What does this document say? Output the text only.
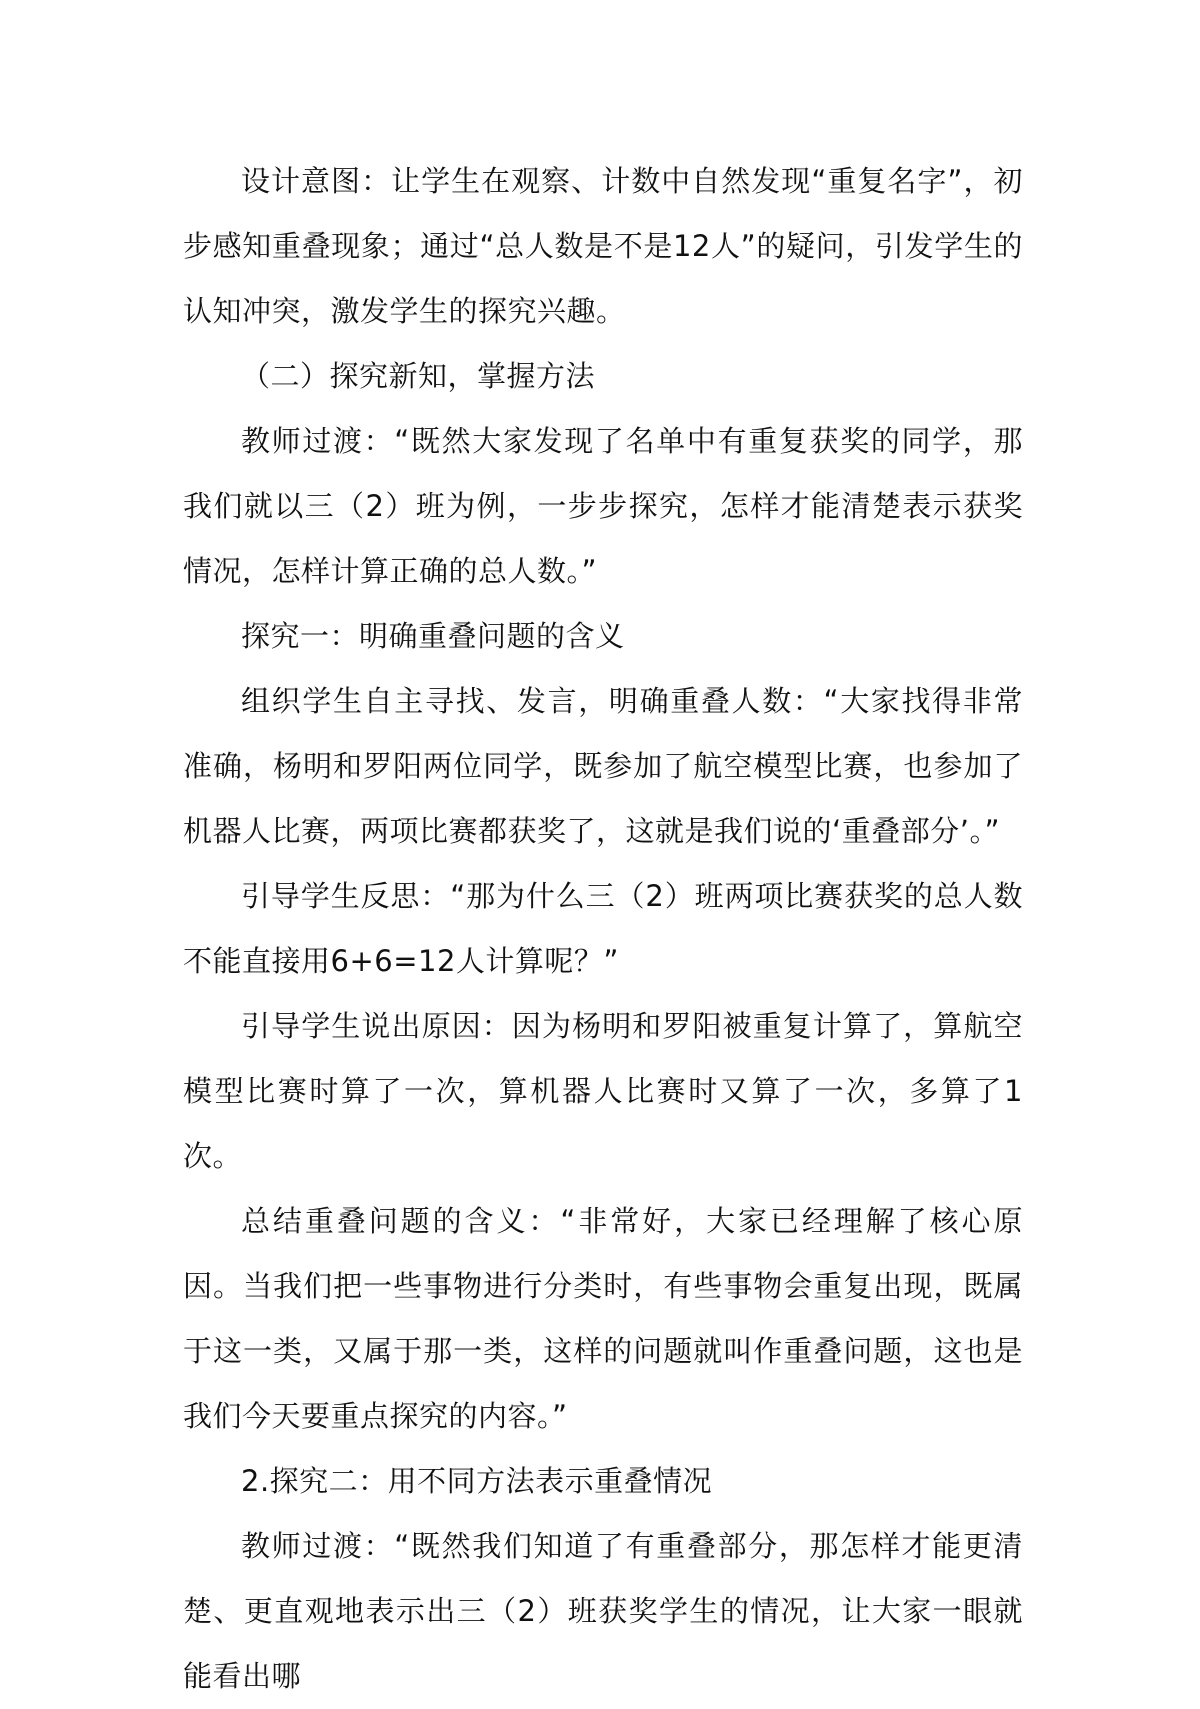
设计意图：让学生在观察、计数中自然发现“重复名字”，初步感知重叠现象；通过“总人数是不是12人”的疑问，引发学生的认知冲突，激发学生的探究兴趣。

（二）探究新知，掌握方法

教师过渡：“既然大家发现了名单中有重复获奖的同学，那我们就以三（2）班为例，一步步探究，怎样才能清楚表示获奖情况，怎样计算正确的总人数。”

探究一：明确重叠问题的含义

组织学生自主寻找、发言，明确重叠人数：“大家找得非常准确，杨明和罗阳两位同学，既参加了航空模型比赛，也参加了机器人比赛，两项比赛都获奖了，这就是我们说的‘重叠部分’。”

引导学生反思：“那为什么三（2）班两项比赛获奖的总人数不能直接用6+6=12人计算呢？”

引导学生说出原因：因为杨明和罗阳被重复计算了，算航空模型比赛时算了一次，算机器人比赛时又算了一次，多算了1次。

总结重叠问题的含义：“非常好，大家已经理解了核心原因。当我们把一些事物进行分类时，有些事物会重复出现，既属于这一类，又属于那一类，这样的问题就叫作重叠问题，这也是我们今天要重点探究的内容。”

2.探究二：用不同方法表示重叠情况

教师过渡：“既然我们知道了有重叠部分，那怎样才能更清楚、更直观地表示出三（2）班获奖学生的情况，让大家一眼就能看出哪
